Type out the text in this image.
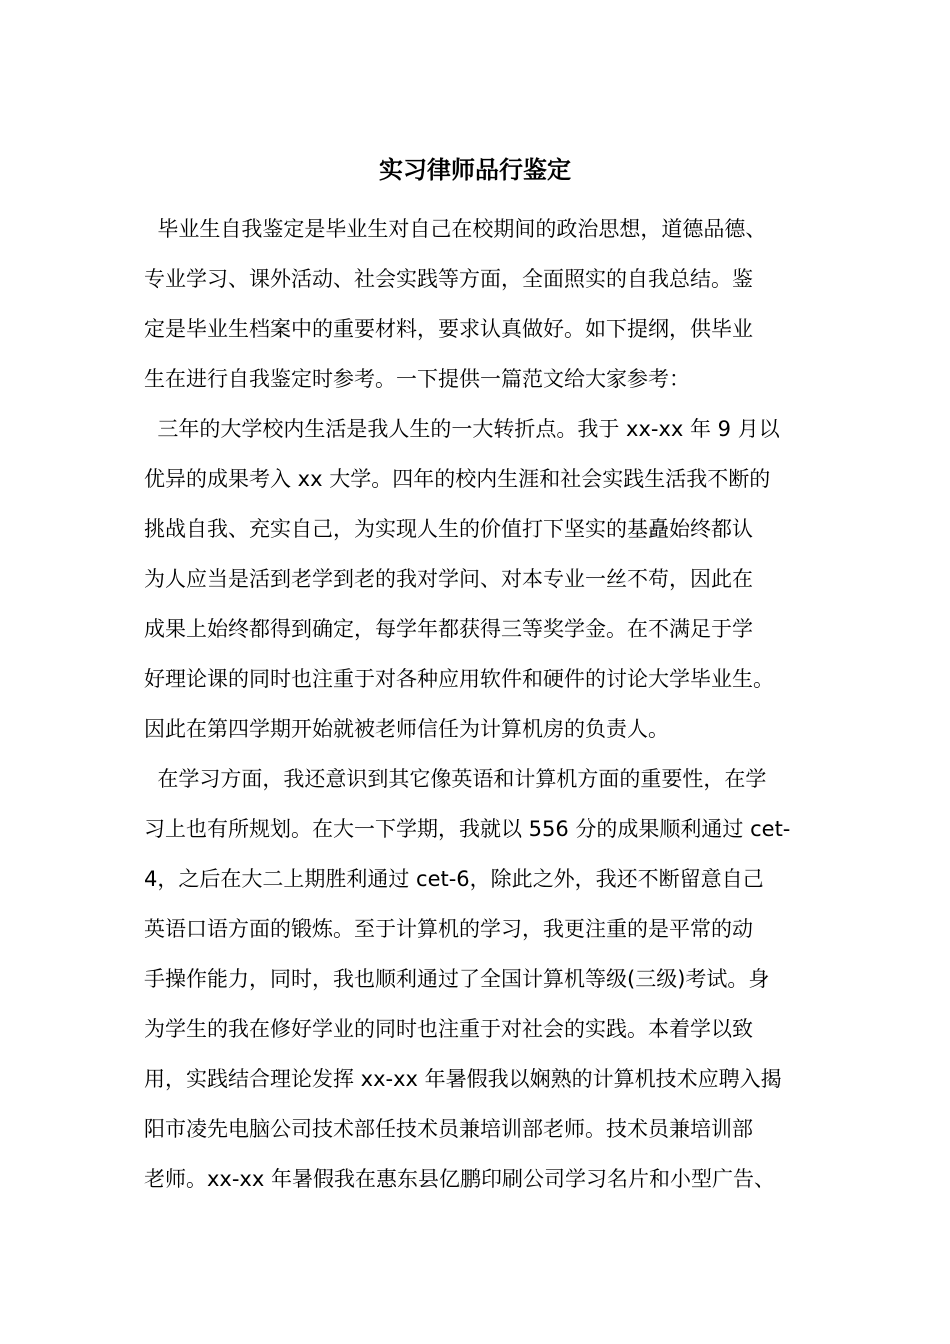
实习律师品行鉴定
毕业生自我鉴定是毕业生对自己在校期间的政治思想，道德品德、
专业学习、课外活动、社会实践等方面，全面照实的自我总结。鉴
定是毕业生档案中的重要材料，要求认真做好。如下提纲，供毕业
生在进行自我鉴定时参考。一下提供一篇范文给大家参考：
三年的大学校内生活是我人生的一大转折点。我于 xx-xx 年 9 月以
优异的成果考入 xx 大学。四年的校内生涯和社会实践生活我不断的
挑战自我、充实自己，为实现人生的价值打下坚实的基矗始终都认
为人应当是活到老学到老的我对学问、对本专业一丝不苟，因此在
成果上始终都得到确定，每学年都获得三等奖学金。在不满足于学
好理论课的同时也注重于对各种应用软件和硬件的讨论大学毕业生。
因此在第四学期开始就被老师信任为计算机房的负责人。
在学习方面，我还意识到其它像英语和计算机方面的重要性，在学
习上也有所规划。在大一下学期，我就以 556 分的成果顺利通过 cet-
4，之后在大二上期胜利通过 cet-6，除此之外，我还不断留意自己
英语口语方面的锻炼。至于计算机的学习，我更注重的是平常的动
手操作能力，同时，我也顺利通过了全国计算机等级(三级)考试。身
为学生的我在修好学业的同时也注重于对社会的实践。本着学以致
用，实践结合理论发挥 xx-xx 年暑假我以娴熟的计算机技术应聘入揭
阳市凌先电脑公司技术部任技术员兼培训部老师。技术员兼培训部
老师。xx-xx 年暑假我在惠东县亿鹏印刷公司学习名片和小型广告、
